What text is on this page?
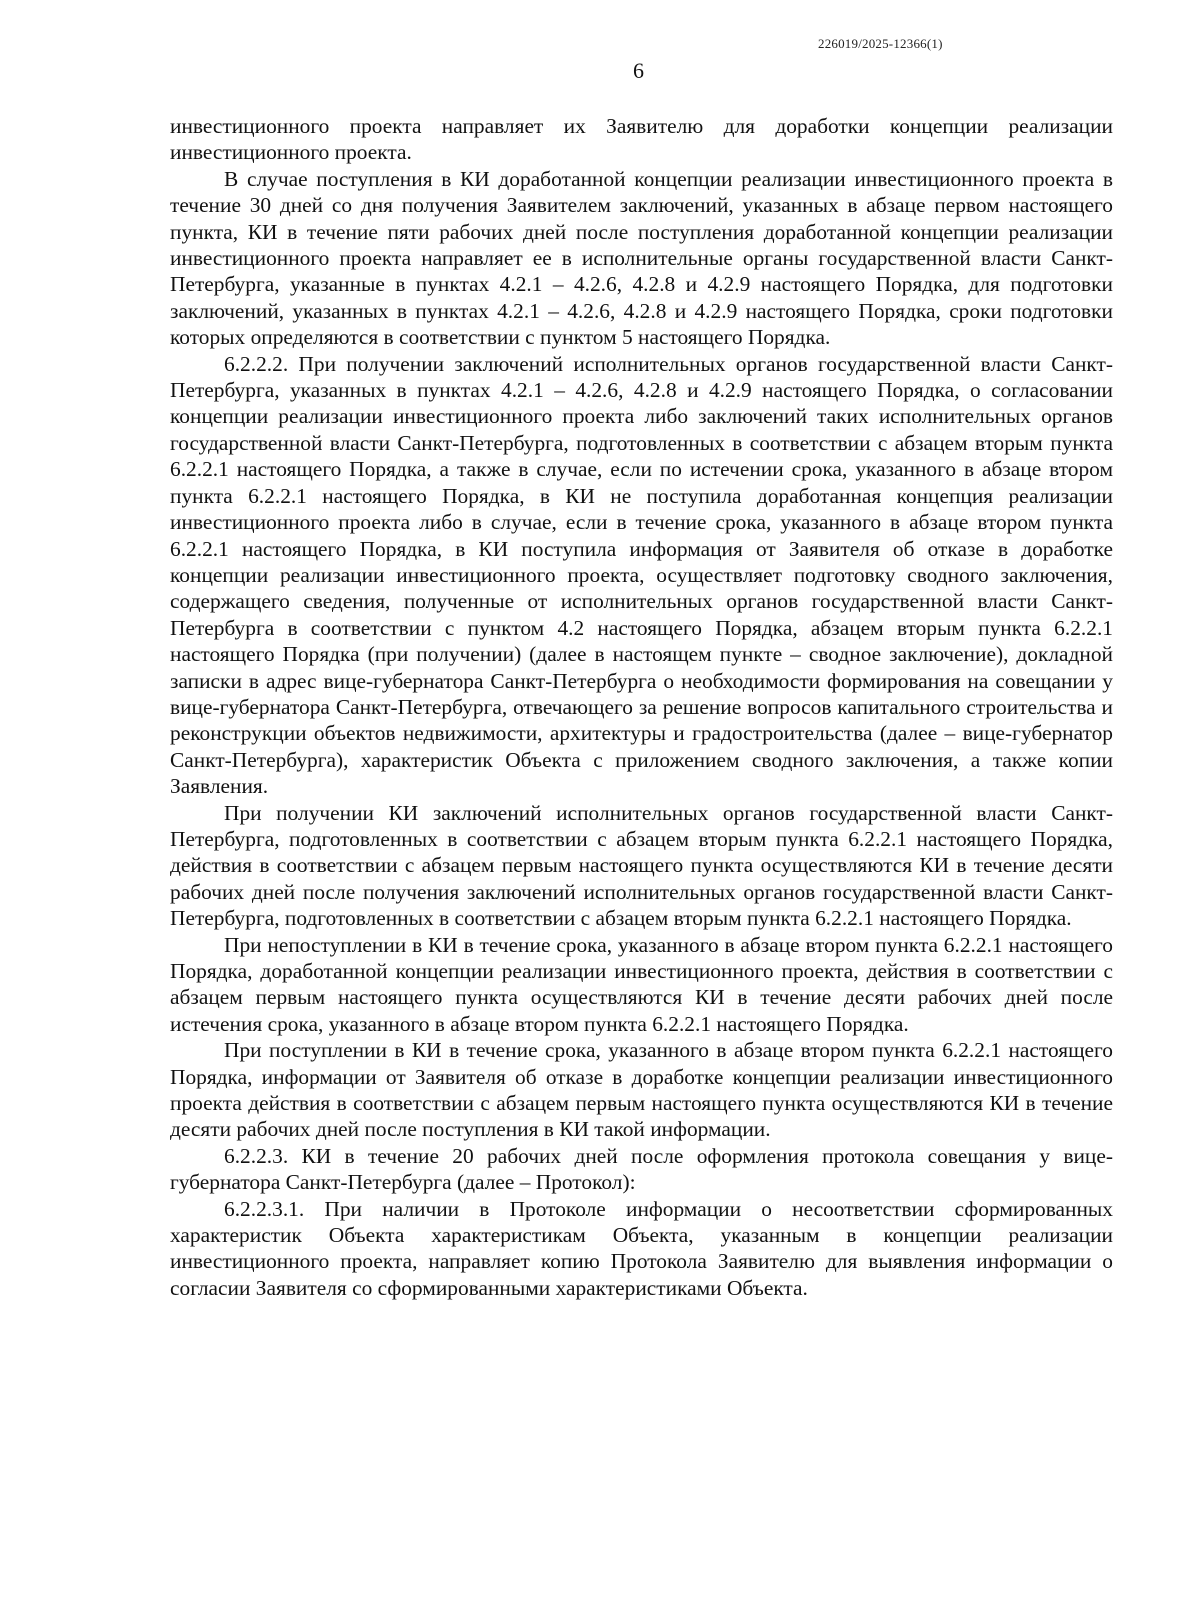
226019/2025-12366(1)
6

инвестиционного проекта направляет их Заявителю для доработки концепции реализации инвестиционного проекта.

В случае поступления в КИ доработанной концепции реализации инвестиционного проекта в течение 30 дней со дня получения Заявителем заключений, указанных в абзаце первом настоящего пункта, КИ в течение пяти рабочих дней после поступления доработанной концепции реализации инвестиционного проекта направляет ее в исполнительные органы государственной власти Санкт-Петербурга, указанные в пунктах 4.2.1 – 4.2.6, 4.2.8 и 4.2.9 настоящего Порядка, для подготовки заключений, указанных в пунктах 4.2.1 – 4.2.6, 4.2.8 и 4.2.9 настоящего Порядка, сроки подготовки которых определяются в соответствии с пунктом 5 настоящего Порядка.

6.2.2.2. При получении заключений исполнительных органов государственной власти Санкт-Петербурга, указанных в пунктах 4.2.1 – 4.2.6, 4.2.8 и 4.2.9 настоящего Порядка, о согласовании концепции реализации инвестиционного проекта либо заключений таких исполнительных органов государственной власти Санкт-Петербурга, подготовленных в соответствии с абзацем вторым пункта 6.2.2.1 настоящего Порядка, а также в случае, если по истечении срока, указанного в абзаце втором пункта 6.2.2.1 настоящего Порядка, в КИ не поступила доработанная концепция реализации инвестиционного проекта либо в случае, если в течение срока, указанного в абзаце втором пункта 6.2.2.1 настоящего Порядка, в КИ поступила информация от Заявителя об отказе в доработке концепции реализации инвестиционного проекта, осуществляет подготовку сводного заключения, содержащего сведения, полученные от исполнительных органов государственной власти Санкт-Петербурга в соответствии с пунктом 4.2 настоящего Порядка, абзацем вторым пункта 6.2.2.1 настоящего Порядка (при получении) (далее в настоящем пункте – сводное заключение), докладной записки в адрес вице-губернатора Санкт-Петербурга о необходимости формирования на совещании у вице-губернатора Санкт-Петербурга, отвечающего за решение вопросов капитального строительства и реконструкции объектов недвижимости, архитектуры и градостроительства (далее – вице-губернатор Санкт-Петербурга), характеристик Объекта с приложением сводного заключения, а также копии Заявления.

При получении КИ заключений исполнительных органов государственной власти Санкт-Петербурга, подготовленных в соответствии с абзацем вторым пункта 6.2.2.1 настоящего Порядка, действия в соответствии с абзацем первым настоящего пункта осуществляются КИ в течение десяти рабочих дней после получения заключений исполнительных органов государственной власти Санкт-Петербурга, подготовленных в соответствии с абзацем вторым пункта 6.2.2.1 настоящего Порядка.

При непоступлении в КИ в течение срока, указанного в абзаце втором пункта 6.2.2.1 настоящего Порядка, доработанной концепции реализации инвестиционного проекта, действия в соответствии с абзацем первым настоящего пункта осуществляются КИ в течение десяти рабочих дней после истечения срока, указанного в абзаце втором пункта 6.2.2.1 настоящего Порядка.

При поступлении в КИ в течение срока, указанного в абзаце втором пункта 6.2.2.1 настоящего Порядка, информации от Заявителя об отказе в доработке концепции реализации инвестиционного проекта действия в соответствии с абзацем первым настоящего пункта осуществляются КИ в течение десяти рабочих дней после поступления в КИ такой информации.

6.2.2.3. КИ в течение 20 рабочих дней после оформления протокола совещания у вице-губернатора Санкт-Петербурга (далее – Протокол):

6.2.2.3.1. При наличии в Протоколе информации о несоответствии сформированных характеристик Объекта характеристикам Объекта, указанным в концепции реализации инвестиционного проекта, направляет копию Протокола Заявителю для выявления информации о согласии Заявителя со сформированными характеристиками Объекта.
